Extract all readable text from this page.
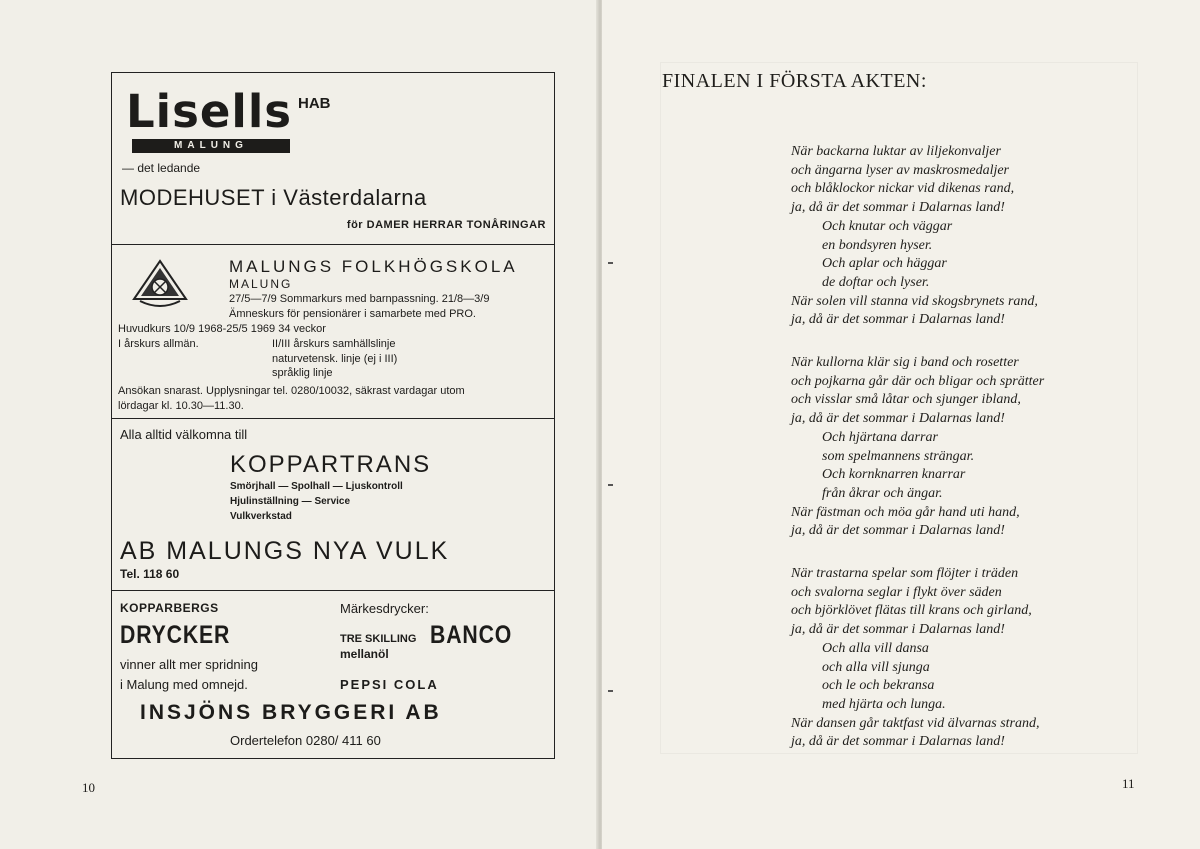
Lisells
MALUNG
HAB
— det ledande
MODEHUSET i Västerdalarna
för DAMER HERRAR TONÅRINGAR
MALUNGS FOLKHÖGSKOLA
MALUNG
27/5—7/9 Sommarkurs med barnpassning. 21/8—3/9
Ämneskurs för pensionärer i samarbete med PRO.
Huvudkurs 10/9 1968-25/5 1969 34 veckor
I årskurs allmän.	II/III årskurs samhällslinje
naturvetensk. linje (ej i III)
språklig linje
Ansökan snarast. Upplysningar tel. 0280/10032, säkrast vardagar utom
lördagar kl. 10.30—11.30.
Alla alltid välkomna till
KOPPARTRANS
Smörjhall — Spolhall — Ljuskontroll
Hjulinställning — Service
Vulkverkstad
AB MALUNGS NYA VULK
Tel. 118 60
KOPPARBERGS
DRYCKER
vinner allt mer spridning
i Malung med omnejd.
Märkesdrycker:
TRE SKILLING BANCO
mellanöl
PEPSI COLA
INSJÖNS BRYGGERI AB
Ordertelefon 0280/ 411 60
10
FINALEN I FÖRSTA AKTEN:
När backarna luktar av liljekonvaljer
och ängarna lyser av maskrosmedaljer
och blåklockor nickar vid dikenas rand,
ja, då är det sommar i Dalarnas land!
Och knutar och väggar
en bondsyren hyser.
Och aplar och häggar
de doftar och lyser.
När solen vill stanna vid skogsbrynets rand,
ja, då är det sommar i Dalarnas land!
När kullorna klär sig i band och rosetter
och pojkarna går där och bligar och sprätter
och visslar små låtar och sjunger ibland,
ja, då är det sommar i Dalarnas land!
Och hjärtana darrar
som spelmannens strängar.
Och kornknarren knarrar
från åkrar och ängar.
När fästman och möa går hand uti hand,
ja, då är det sommar i Dalarnas land!
När trastarna spelar som flöjter i träden
och svalorna seglar i flykt över säden
och björklövet flätas till krans och girland,
ja, då är det sommar i Dalarnas land!
Och alla vill dansa
och alla vill sjunga
och le och bekransa
med hjärta och lunga.
När dansen går taktfast vid älvarnas strand,
ja, då är det sommar i Dalarnas land!
11
